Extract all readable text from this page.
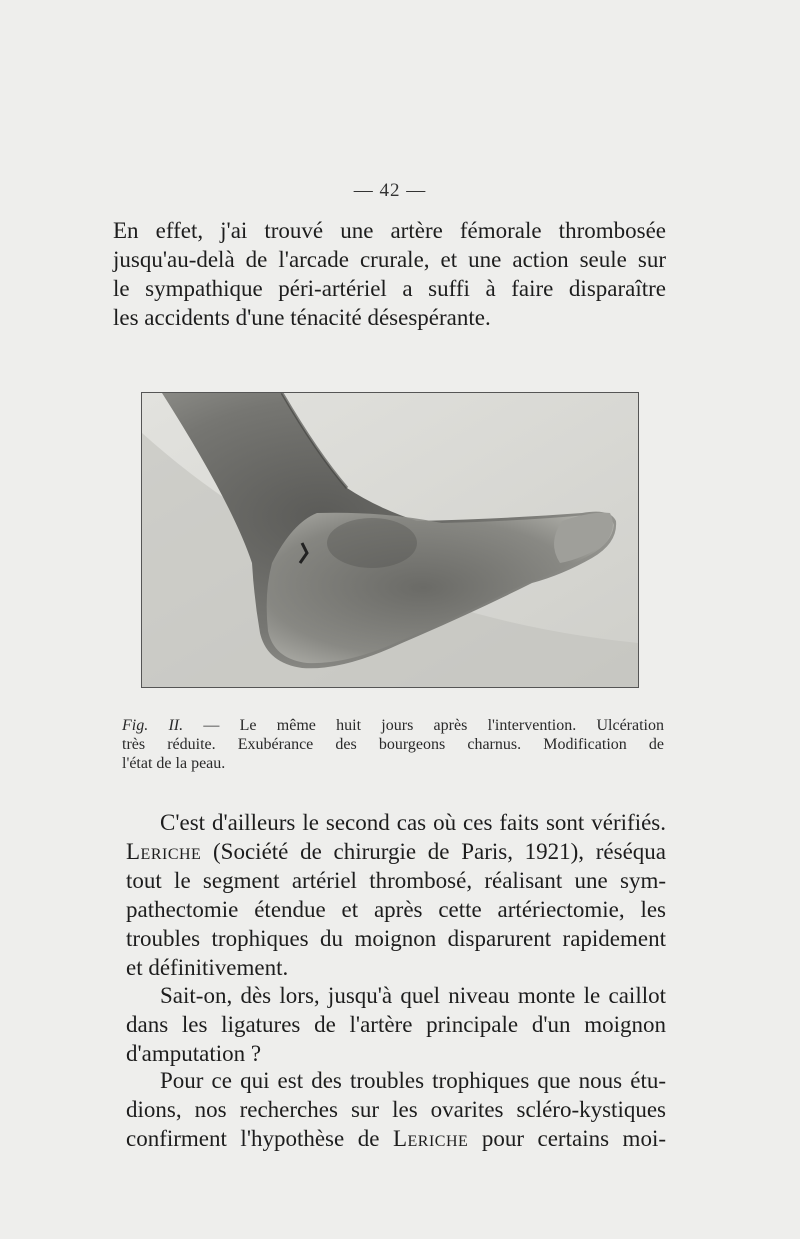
— 42 —

En effet, j'ai trouvé une artère fémorale thrombosée
jusqu'au-delà de l'arcade crurale, et une action seule sur
le sympathique péri-artériel a suffi à faire disparaître
les accidents d'une ténacité désespérante.

Fig. II. — Le même huit jours après l'intervention. Ulcération
très réduite. Exubérance des bourgeons charnus. Modification de
l'état de la peau.

C'est d'ailleurs le second cas où ces faits sont vérifiés.
Leriche (Société de chirurgie de Paris, 1921), réséqua
tout le segment artériel thrombosé, réalisant une sym-
pathectomie étendue et après cette artériectomie, les
troubles trophiques du moignon disparurent rapidement
et définitivement.

Sait-on, dès lors, jusqu'à quel niveau monte le caillot
dans les ligatures de l'artère principale d'un moignon
d'amputation ?

Pour ce qui est des troubles trophiques que nous étu-
dions, nos recherches sur les ovarites scléro-kystiques
confirment l'hypothèse de Leriche pour certains moi-
